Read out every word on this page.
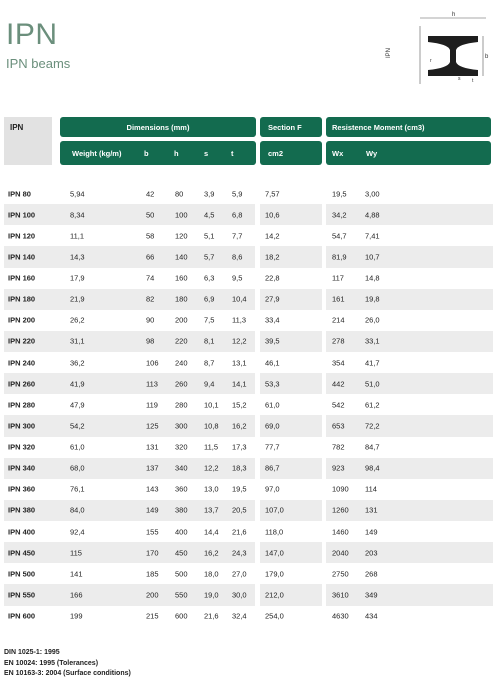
IPN
IPN beams
h
b
IPN
r
s t
IPN	Dimensions (mm)	Section F	Resistence Moment (cm3)
Weight (kg/m)	b	h	s	t	cm2	Wx	Wy
IPN 80	5,94	42	80	3,9 5,9	7,57	19,5 3,00
IPN 100	8,34	50	100 4,5 6,8	10,6	34,2 4,88
IPN 120	11,1	58	120 5,1 7,7	14,2	54,7 7,41
IPN 140	14,3	66	140 5,7 8,6	18,2	81,9 10,7
IPN 160	17,9	74	160 6,3 9,5	22,8	117	14,8
IPN 180	21,9	82	180 6,9 10,4 27,9	161	19,8
IPN 200	26,2	90	200 7,5 11,3	33,4	214	26,0
IPN 220	31,1	98	220 8,1 12,2 39,5	278	33,1
IPN 240	36,2	106 240 8,7 13,1 46,1	354	41,7
IPN 260	41,9	113 260 9,4 14,1 53,3	442	51,0
IPN 280	47,9	119 280 10,1 15,2 61,0	542	61,2
IPN 300	54,2	125 300 10,8 16,2 69,0	653	72,2
IPN 320	61,0	131 320 11,5 17,3 77,7	782	84,7
IPN 340	68,0	137 340 12,2 18,3 86,7	923	98,4
IPN 360	76,1	143 360 13,0 19,5 97,0	1090 114
IPN 380	84,0	149 380 13,7 20,5 107,0	1260 131
IPN 400	92,4	155 400 14,4 21,6 118,0	1460 149
IPN 450	115	170 450 16,2 24,3 147,0	2040 203
IPN 500	141	185 500 18,0 27,0 179,0	2750 268
IPN 550	166	200 550 19,0 30,0 212,0	3610 349
IPN 600	199	215 600 21,6 32,4 254,0	4630 434
DIN 1025-1: 1995
EN 10024: 1995 (Tolerances)
EN 10163-3: 2004 (Surface conditions)
